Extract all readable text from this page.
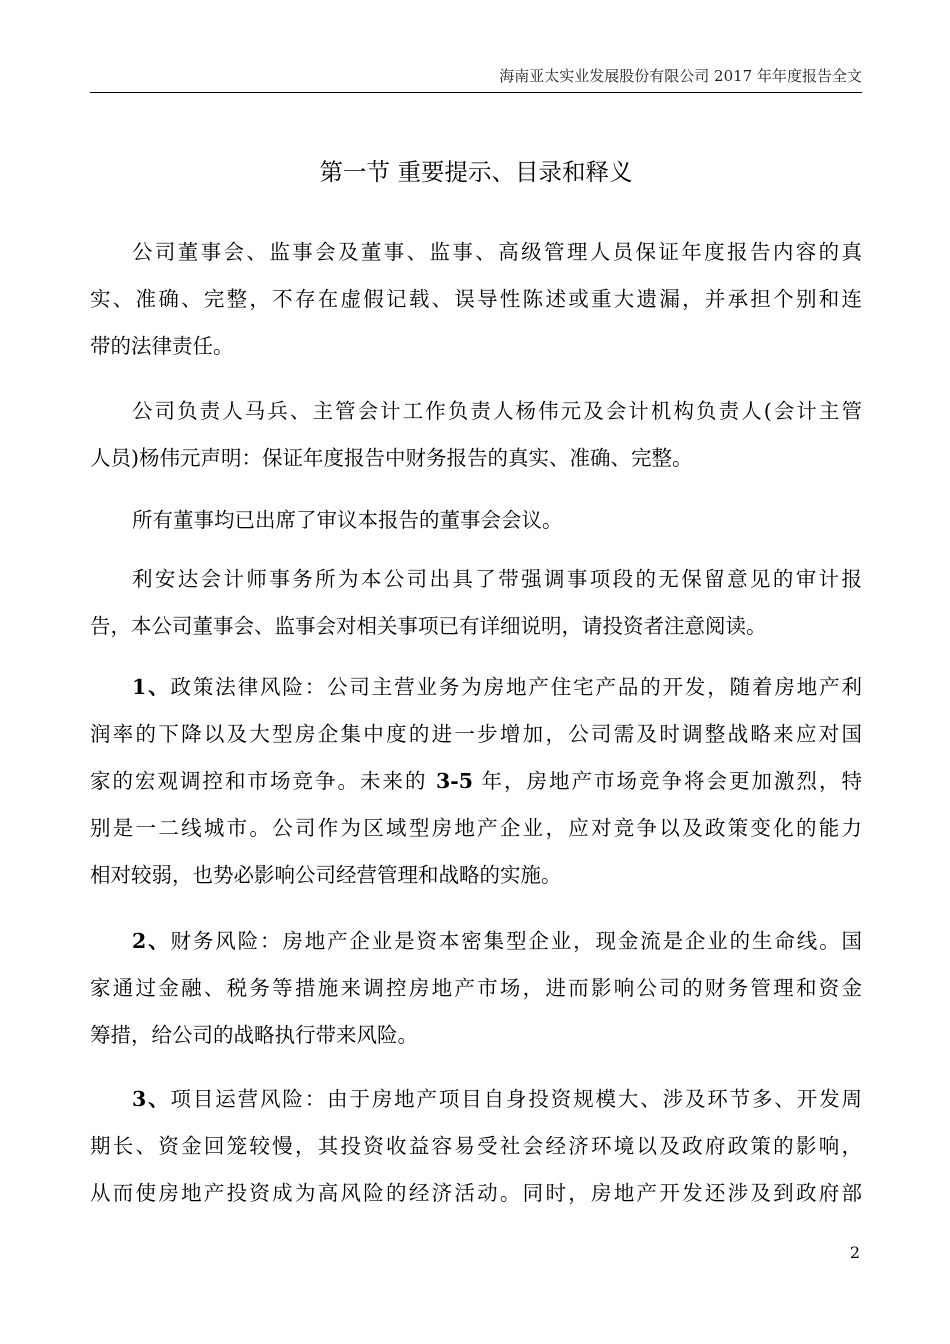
海南亚太实业发展股份有限公司 2017 年年度报告全文
第一节 重要提示、目录和释义
公司董事会、监事会及董事、监事、高级管理人员保证年度报告内容的真
实、准确、完整，不存在虚假记载、误导性陈述或重大遗漏，并承担个别和连
带的法律责任。
公司负责人马兵、主管会计工作负责人杨伟元及会计机构负责人(会计主管
人员)杨伟元声明：保证年度报告中财务报告的真实、准确、完整。
所有董事均已出席了审议本报告的董事会会议。
利安达会计师事务所为本公司出具了带强调事项段的无保留意见的审计报
告，本公司董事会、监事会对相关事项已有详细说明，请投资者注意阅读。
1、政策法律风险：公司主营业务为房地产住宅产品的开发，随着房地产利
润率的下降以及大型房企集中度的进一步增加，公司需及时调整战略来应对国
家的宏观调控和市场竞争。未来的 3-5 年，房地产市场竞争将会更加激烈，特
别是一二线城市。公司作为区域型房地产企业，应对竞争以及政策变化的能力
相对较弱，也势必影响公司经营管理和战略的实施。
2、财务风险：房地产企业是资本密集型企业，现金流是企业的生命线。国
家通过金融、税务等措施来调控房地产市场，进而影响公司的财务管理和资金
筹措，给公司的战略执行带来风险。
3、项目运营风险：由于房地产项目自身投资规模大、涉及环节多、开发周
期长、资金回笼较慢，其投资收益容易受社会经济环境以及政府政策的影响，
从而使房地产投资成为高风险的经济活动。同时，房地产开发还涉及到政府部
2
